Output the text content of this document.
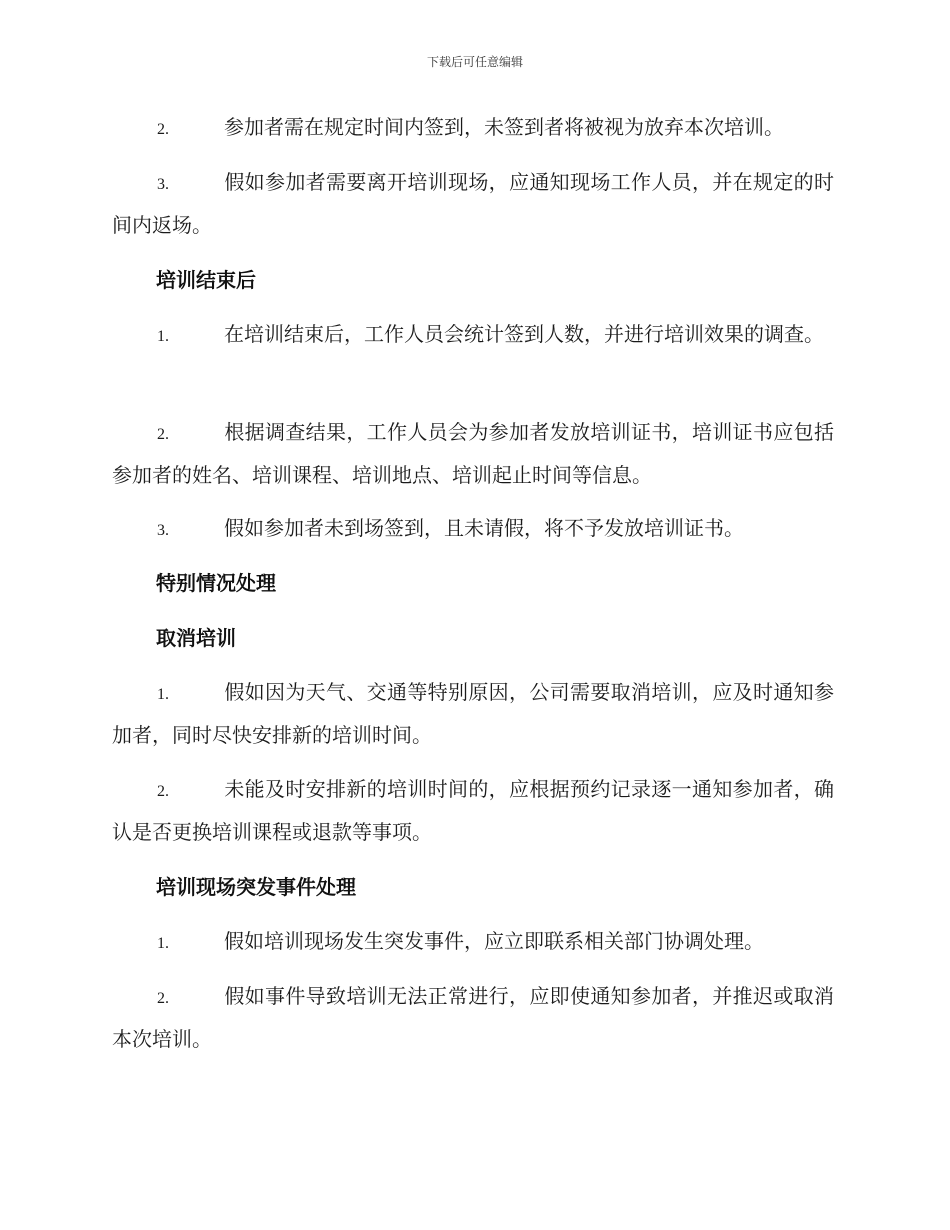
下载后可任意编辑
2.	参加者需在规定时间内签到，未签到者将被视为放弃本次培训。
3.	假如参加者需要离开培训现场，应通知现场工作人员，并在规定的时间内返场。
培训结束后
1.	在培训结束后，工作人员会统计签到人数，并进行培训效果的调查。
2.	根据调查结果，工作人员会为参加者发放培训证书，培训证书应包括参加者的姓名、培训课程、培训地点、培训起止时间等信息。
3.	假如参加者未到场签到，且未请假，将不予发放培训证书。
特别情况处理
取消培训
1.	假如因为天气、交通等特别原因，公司需要取消培训，应及时通知参加者，同时尽快安排新的培训时间。
2.	未能及时安排新的培训时间的，应根据预约记录逐一通知参加者，确认是否更换培训课程或退款等事项。
培训现场突发事件处理
1.	假如培训现场发生突发事件，应立即联系相关部门协调处理。
2.	假如事件导致培训无法正常进行，应即使通知参加者，并推迟或取消本次培训。
